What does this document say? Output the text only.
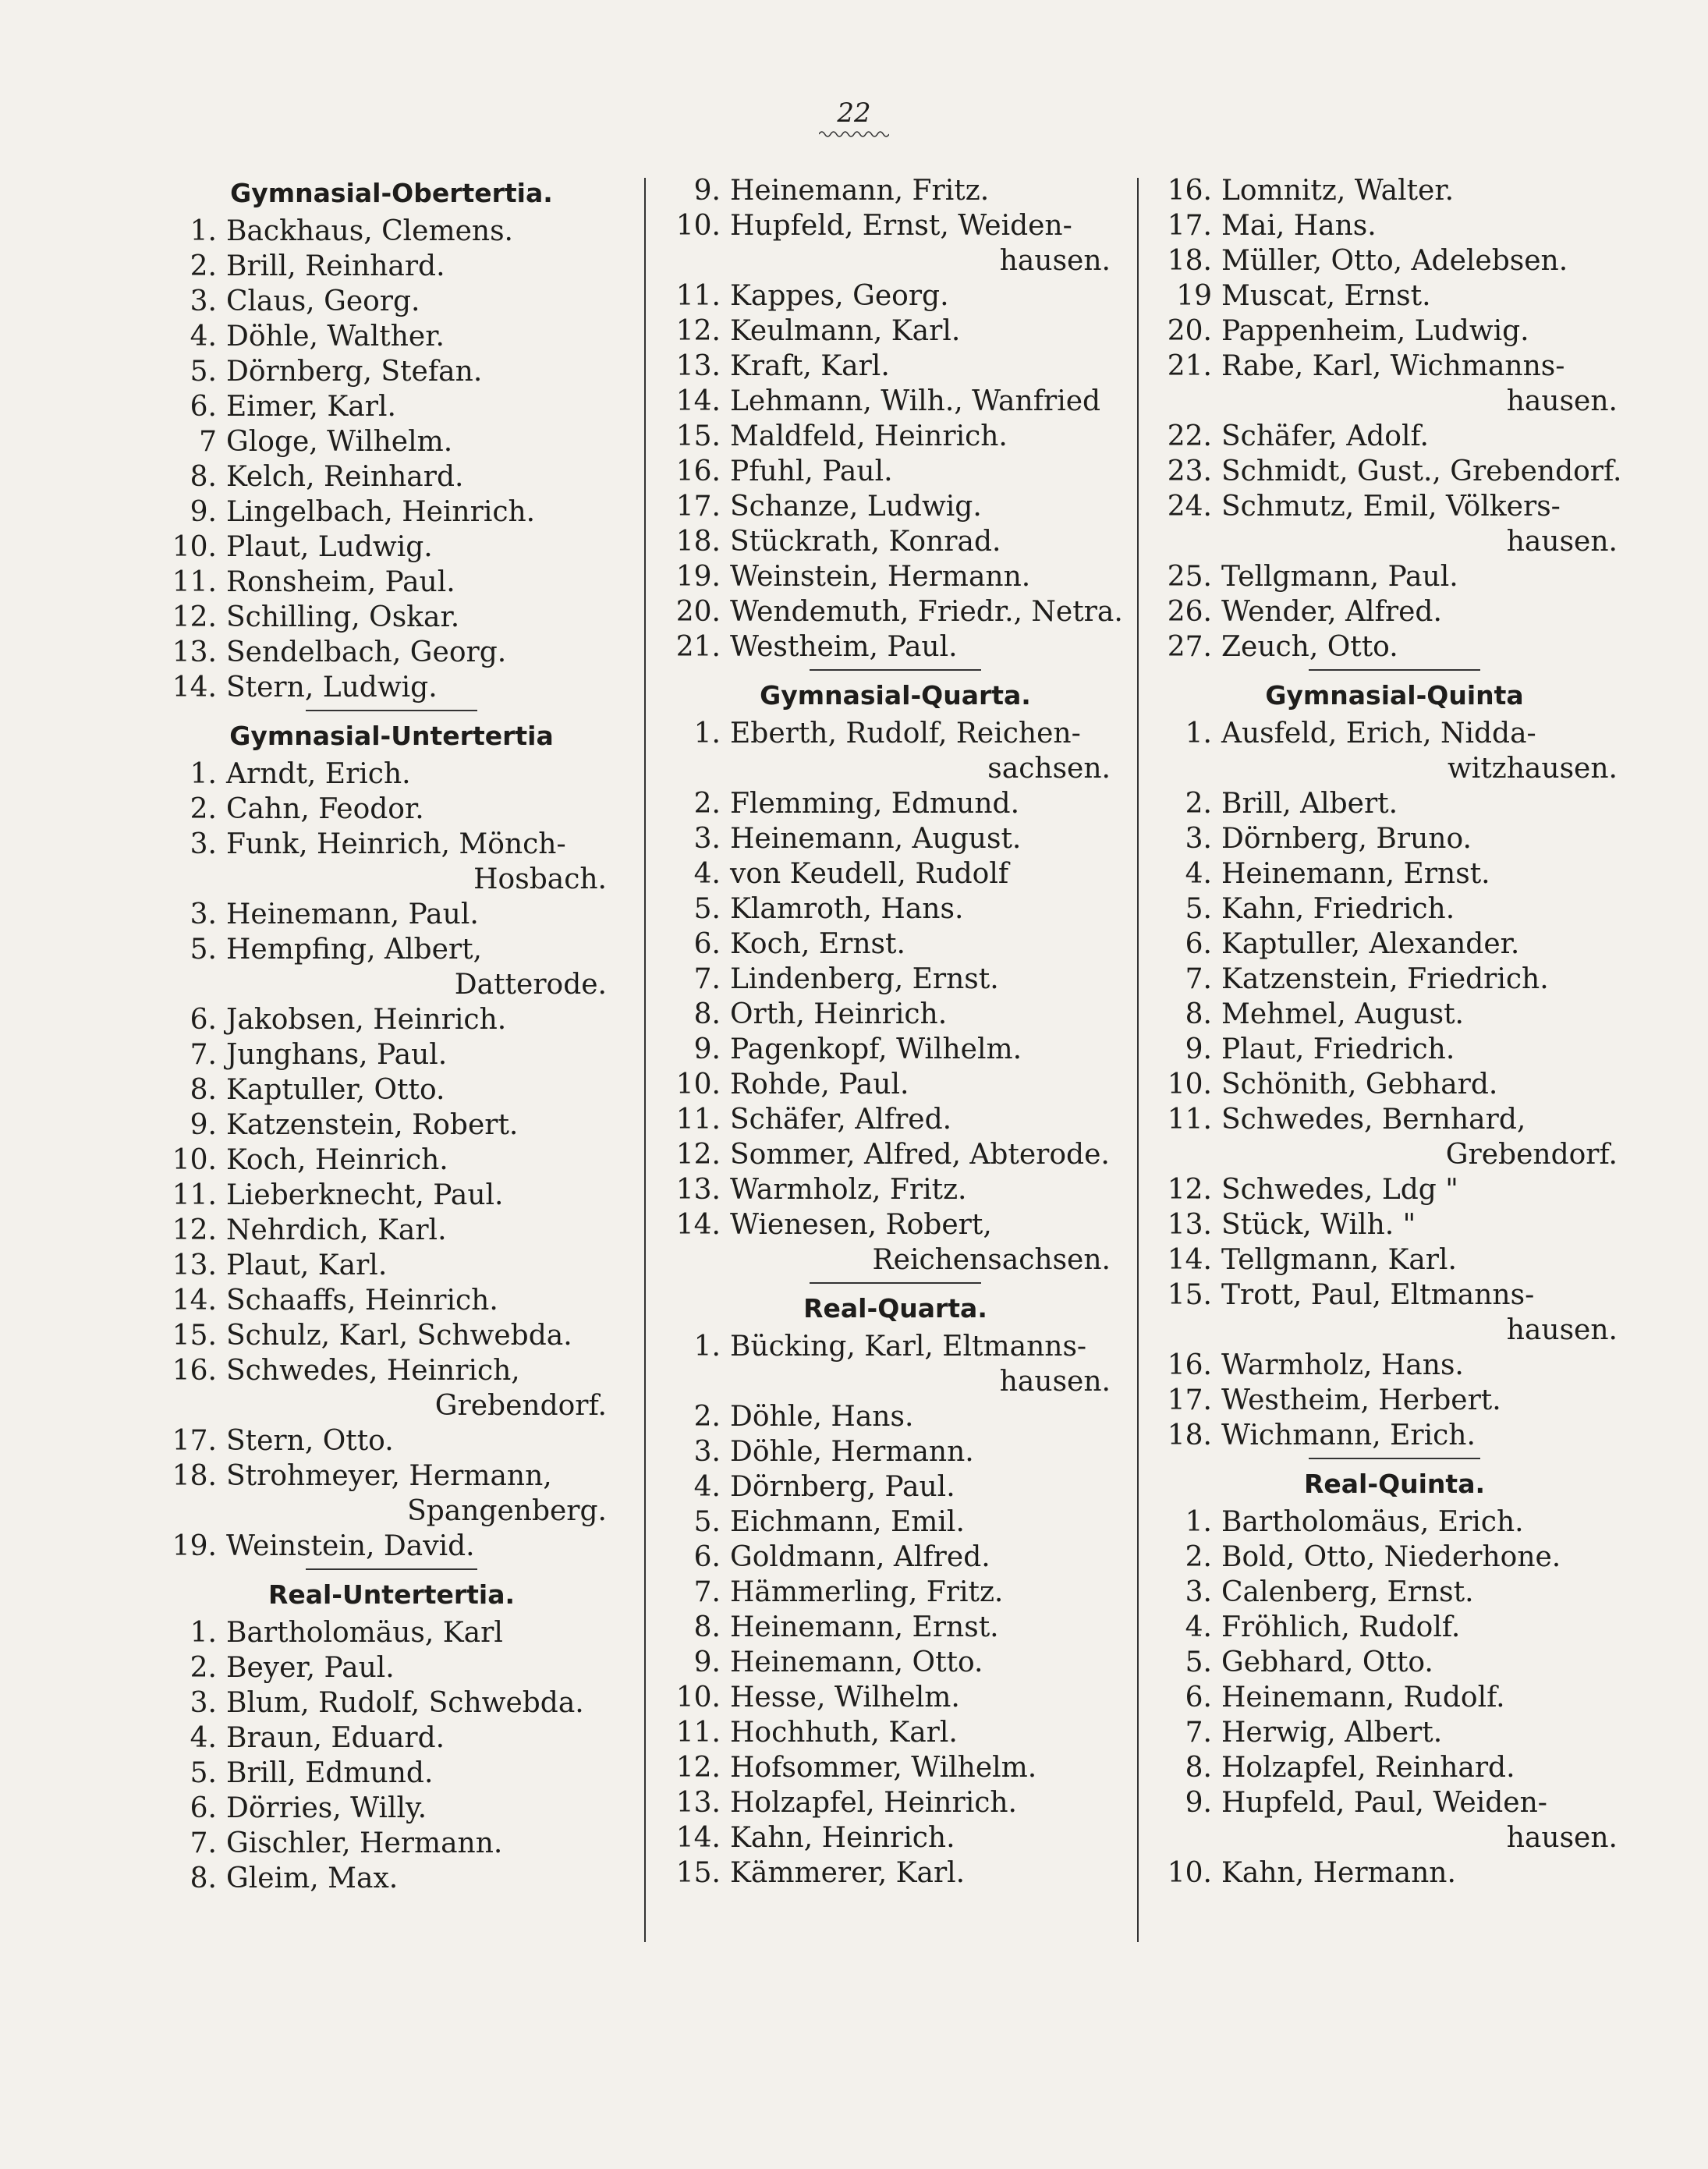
22
Gymnasial-Obertertia.
1. Backhaus, Clemens.
2. Brill, Reinhard.
3. Claus, Georg.
4. Döhle, Walther.
5. Dörnberg, Stefan.
6. Eimer, Karl.
7 Gloge, Wilhelm.
8. Kelch, Reinhard.
9. Lingelbach, Heinrich.
10. Plaut, Ludwig.
11. Ronsheim, Paul.
12. Schilling, Oskar.
13. Sendelbach, Georg.
14. Stern, Ludwig.
Gymnasial-Untertertia
1. Arndt, Erich.
2. Cahn, Feodor.
3. Funk, Heinrich, Mönch-
Hosbach.
3. Heinemann, Paul.
5. Hempfing, Albert,
Datterode.
6. Jakobsen, Heinrich.
7. Junghans, Paul.
8. Kaptuller, Otto.
9. Katzenstein, Robert.
10. Koch, Heinrich.
11. Lieberknecht, Paul.
12. Nehrdich, Karl.
13. Plaut, Karl.
14. Schaaffs, Heinrich.
15. Schulz, Karl, Schwebda.
16. Schwedes, Heinrich,
Grebendorf.
17. Stern, Otto.
18. Strohmeyer, Hermann,
Spangenberg.
19. Weinstein, David.
Real-Untertertia.
1. Bartholomäus, Karl
2. Beyer, Paul.
3. Blum, Rudolf, Schwebda.
4. Braun, Eduard.
5. Brill, Edmund.
6. Dörries, Willy.
7. Gischler, Hermann.
8. Gleim, Max.
9. Heinemann, Fritz.
10. Hupfeld, Ernst, Weiden-
hausen.
11. Kappes, Georg.
12. Keulmann, Karl.
13. Kraft, Karl.
14. Lehmann, Wilh., Wanfried
15. Maldfeld, Heinrich.
16. Pfuhl, Paul.
17. Schanze, Ludwig.
18. Stückrath, Konrad.
19. Weinstein, Hermann.
20. Wendemuth, Friedr., Netra.
21. Westheim, Paul.
Gymnasial-Quarta.
1. Eberth, Rudolf, Reichen-
sachsen.
2. Flemming, Edmund.
3. Heinemann, August.
4. von Keudell, Rudolf
5. Klamroth, Hans.
6. Koch, Ernst.
7. Lindenberg, Ernst.
8. Orth, Heinrich.
9. Pagenkopf, Wilhelm.
10. Rohde, Paul.
11. Schäfer, Alfred.
12. Sommer, Alfred, Abterode.
13. Warmholz, Fritz.
14. Wienesen, Robert,
Reichensachsen.
Real-Quarta.
1. Bücking, Karl, Eltmanns-
hausen.
2. Döhle, Hans.
3. Döhle, Hermann.
4. Dörnberg, Paul.
5. Eichmann, Emil.
6. Goldmann, Alfred.
7. Hämmerling, Fritz.
8. Heinemann, Ernst.
9. Heinemann, Otto.
10. Hesse, Wilhelm.
11. Hochhuth, Karl.
12. Hofsommer, Wilhelm.
13. Holzapfel, Heinrich.
14. Kahn, Heinrich.
15. Kämmerer, Karl.
16. Lomnitz, Walter.
17. Mai, Hans.
18. Müller, Otto, Adelebsen.
19 Muscat, Ernst.
20. Pappenheim, Ludwig.
21. Rabe, Karl, Wichmanns-
hausen.
22. Schäfer, Adolf.
23. Schmidt, Gust., Grebendorf.
24. Schmutz, Emil, Völkers-
hausen.
25. Tellgmann, Paul.
26. Wender, Alfred.
27. Zeuch, Otto.
Gymnasial-Quinta
1. Ausfeld, Erich, Nidda-
witzhausen.
2. Brill, Albert.
3. Dörnberg, Bruno.
4. Heinemann, Ernst.
5. Kahn, Friedrich.
6. Kaptuller, Alexander.
7. Katzenstein, Friedrich.
8. Mehmel, August.
9. Plaut, Friedrich.
10. Schönith, Gebhard.
11. Schwedes, Bernhard,
Grebendorf.
12. Schwedes, Ldg "
13. Stück, Wilh. "
14. Tellgmann, Karl.
15. Trott, Paul, Eltmanns-
hausen.
16. Warmholz, Hans.
17. Westheim, Herbert.
18. Wichmann, Erich.
Real-Quinta.
1. Bartholomäus, Erich.
2. Bold, Otto, Niederhone.
3. Calenberg, Ernst.
4. Fröhlich, Rudolf.
5. Gebhard, Otto.
6. Heinemann, Rudolf.
7. Herwig, Albert.
8. Holzapfel, Reinhard.
9. Hupfeld, Paul, Weiden-
hausen.
10. Kahn, Hermann.
